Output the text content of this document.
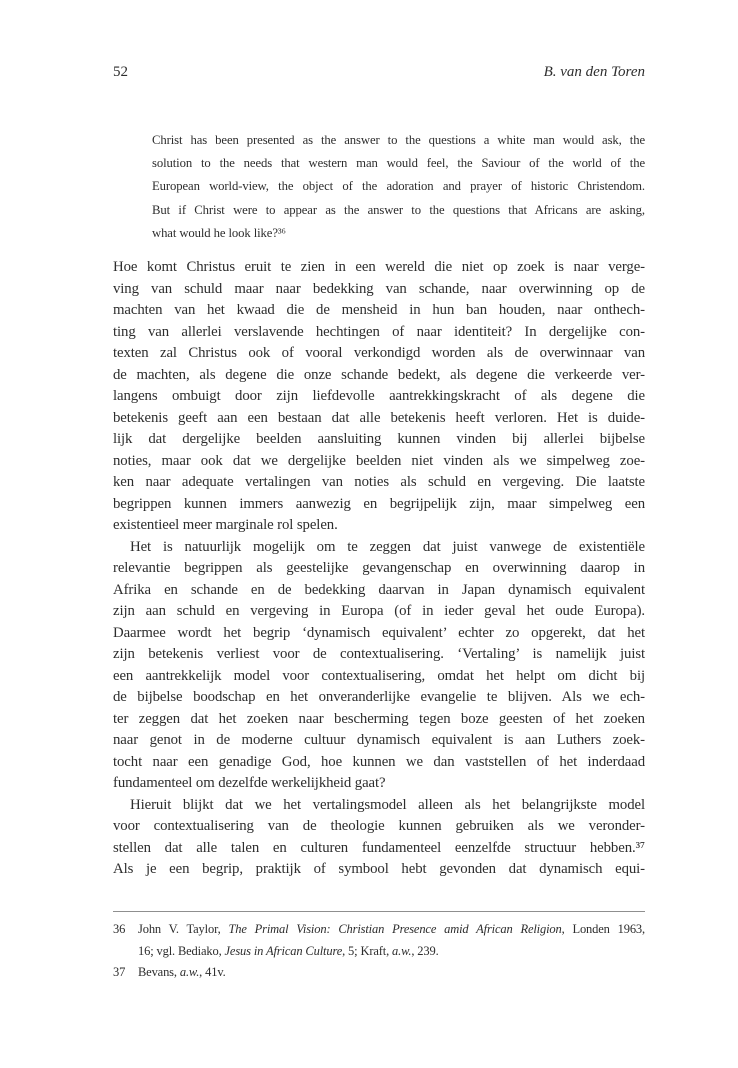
52	B. van den Toren
Christ has been presented as the answer to the questions a white man would ask, the
solution to the needs that western man would feel, the Saviour of the world of the
European world-view, the object of the adoration and prayer of historic Christendom.
But if Christ were to appear as the answer to the questions that Africans are asking,
what would he look like?³⁶
Hoe komt Christus eruit te zien in een wereld die niet op zoek is naar verge-
ving van schuld maar naar bedekking van schande, naar overwinning op de
machten van het kwaad die de mensheid in hun ban houden, naar onthech-
ting van allerlei verslavende hechtingen of naar identiteit? In dergelijke con-
texten zal Christus ook of vooral verkondigd worden als de overwinnaar van
de machten, als degene die onze schande bedekt, als degene die verkeerde ver-
langens ombuigt door zijn liefdevolle aantrekkingskracht of als degene die
betekenis geeft aan een bestaan dat alle betekenis heeft verloren. Het is duide-
lijk dat dergelijke beelden aansluiting kunnen vinden bij allerlei bijbelse
noties, maar ook dat we dergelijke beelden niet vinden als we simpelweg zoe-
ken naar adequate vertalingen van noties als schuld en vergeving. Die laatste
begrippen kunnen immers aanwezig en begrijpelijk zijn, maar simpelweg een
existentieel meer marginale rol spelen.
Het is natuurlijk mogelijk om te zeggen dat juist vanwege de existentiële
relevantie begrippen als geestelijke gevangenschap en overwinning daarop in
Afrika en schande en de bedekking daarvan in Japan dynamisch equivalent
zijn aan schuld en vergeving in Europa (of in ieder geval het oude Europa).
Daarmee wordt het begrip ‘dynamisch equivalent’ echter zo opgerekt, dat het
zijn betekenis verliest voor de contextualisering. ‘Vertaling’ is namelijk juist
een aantrekkelijk model voor contextualisering, omdat het helpt om dicht bij
de bijbelse boodschap en het onveranderlijke evangelie te blijven. Als we ech-
ter zeggen dat het zoeken naar bescherming tegen boze geesten of het zoeken
naar genot in de moderne cultuur dynamisch equivalent is aan Luthers zoek-
tocht naar een genadige God, hoe kunnen we dan vaststellen of het inderdaad
fundamenteel om dezelfde werkelijkheid gaat?
Hieruit blijkt dat we het vertalingsmodel alleen als het belangrijkste model
voor contextualisering van de theologie kunnen gebruiken als we veronder-
stellen dat alle talen en culturen fundamenteel eenzelfde structuur hebben.³⁷
Als je een begrip, praktijk of symbool hebt gevonden dat dynamisch equi-
36 John V. Taylor, The Primal Vision: Christian Presence amid African Religion, Londen 1963,
16; vgl. Bediako, Jesus in African Culture, 5; Kraft, a.w., 239.
37 Bevans, a.w., 41v.
